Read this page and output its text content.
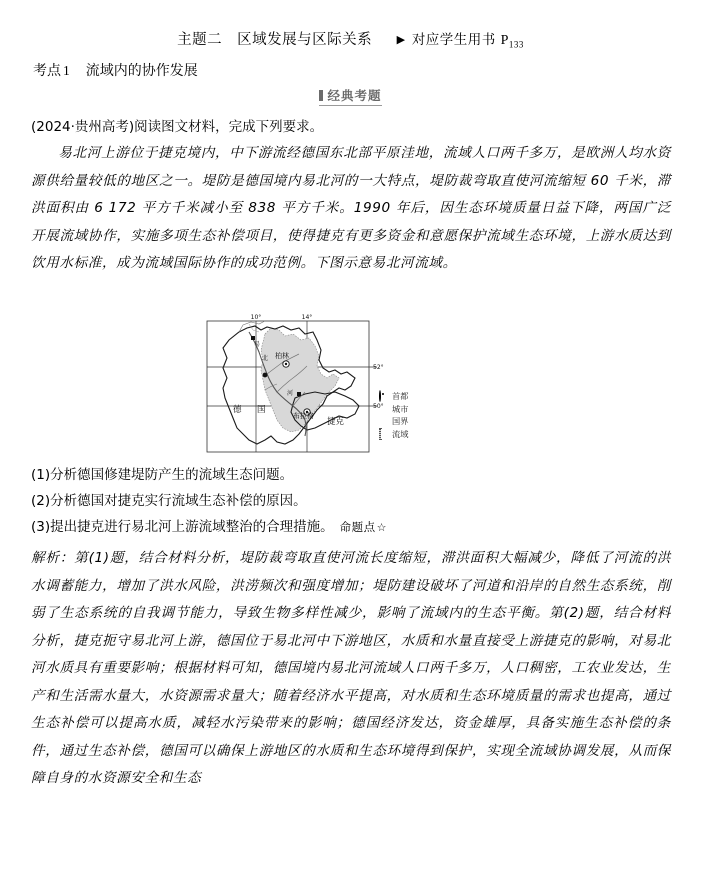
主题二　区域发展与区际关系 ▶ 对应学生用书 $P_{133}$
考点 1 流域内的协作发展
经典考题
(2024·贵州高考)阅读图文材料，完成下列要求。
易北河上游位于捷克境内，中下游流经德国东北部平原洼地，流域人口两千多万，是欧洲人均水资源供给量较低的地区之一。堤防是德国境内易北河的一大特点，堤防裁弯取直使河流缩短 60 千米，滞洪面积由 6 172 平方千米减小至 838 平方千米。1990 年后，因生态环境质量日益下降，两国广泛开展流域协作，实施多项生态补偿项目，使得捷克有更多资金和意愿保护流域生态环境，上游水质达到饮用水标准，成为流域国际协作的成功范例。下图示意易北河流域。
10°	14°
52°
50°
德 国
捷克
柏林
布拉格
易
北
河	首都
城市
国界
流域
(1)分析德国修建堤防产生的流域生态问题。
(2)分析德国对捷克实行流域生态补偿的原因。
(3)提出捷克进行易北河上游流域整治的合理措施。 命题点☆
解析：第(1)题，结合材料分析，堤防裁弯取直使河流长度缩短，滞洪面积大幅减少，降低了河流的洪水调蓄能力，增加了洪水风险，洪涝频次和强度增加；堤防建设破坏了河道和沿岸的自然生态系统，削弱了生态系统的自我调节能力，导致生物多样性减少，影响了流域内的生态平衡。第(2)题，结合材料分析，捷克扼守易北河上游，德国位于易北河中下游地区，水质和水量直接受上游捷克的影响，对易北河水质具有重要影响；根据材料可知，德国境内易北河流域人口两千多万，人口稠密，工农业发达，生产和生活需水量大，水资源需求量大；随着经济水平提高，对水质和生态环境质量的需求也提高，通过生态补偿可以提高水质，减轻水污染带来的影响；德国经济发达，资金雄厚，具备实施生态补偿的条件，通过生态补偿，德国可以确保上游地区的水质和生态环境得到保护，实现全流域协调发展，从而保障自身的水资源安全和生态
